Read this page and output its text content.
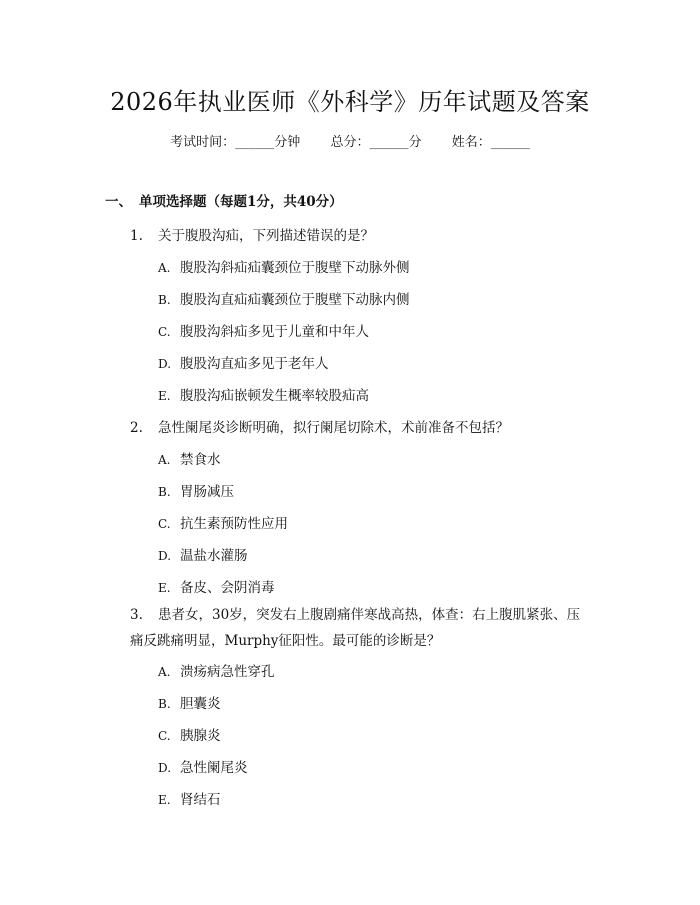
2026年执业医师《外科学》历年试题及答案
考试时间：______分钟 总分：______分 姓名：______
一、 单项选择题（每题1分，共40分）
1. 关于腹股沟疝，下列描述错误的是？
A. 腹股沟斜疝疝囊颈位于腹壁下动脉外侧
B. 腹股沟直疝疝囊颈位于腹壁下动脉内侧
C. 腹股沟斜疝多见于儿童和中年人
D. 腹股沟直疝多见于老年人
E. 腹股沟疝嵌顿发生概率较股疝高
2. 急性阑尾炎诊断明确，拟行阑尾切除术，术前准备不包括？
A. 禁食水
B. 胃肠减压
C. 抗生素预防性应用
D. 温盐水灌肠
E. 备皮、会阴消毒
3. 患者女，30岁，突发右上腹剧痛伴寒战高热，体查：右上腹肌紧张、压痛反跳痛明显，Murphy征阳性。最可能的诊断是？
A. 溃疡病急性穿孔
B. 胆囊炎
C. 胰腺炎
D. 急性阑尾炎
E. 肾结石
